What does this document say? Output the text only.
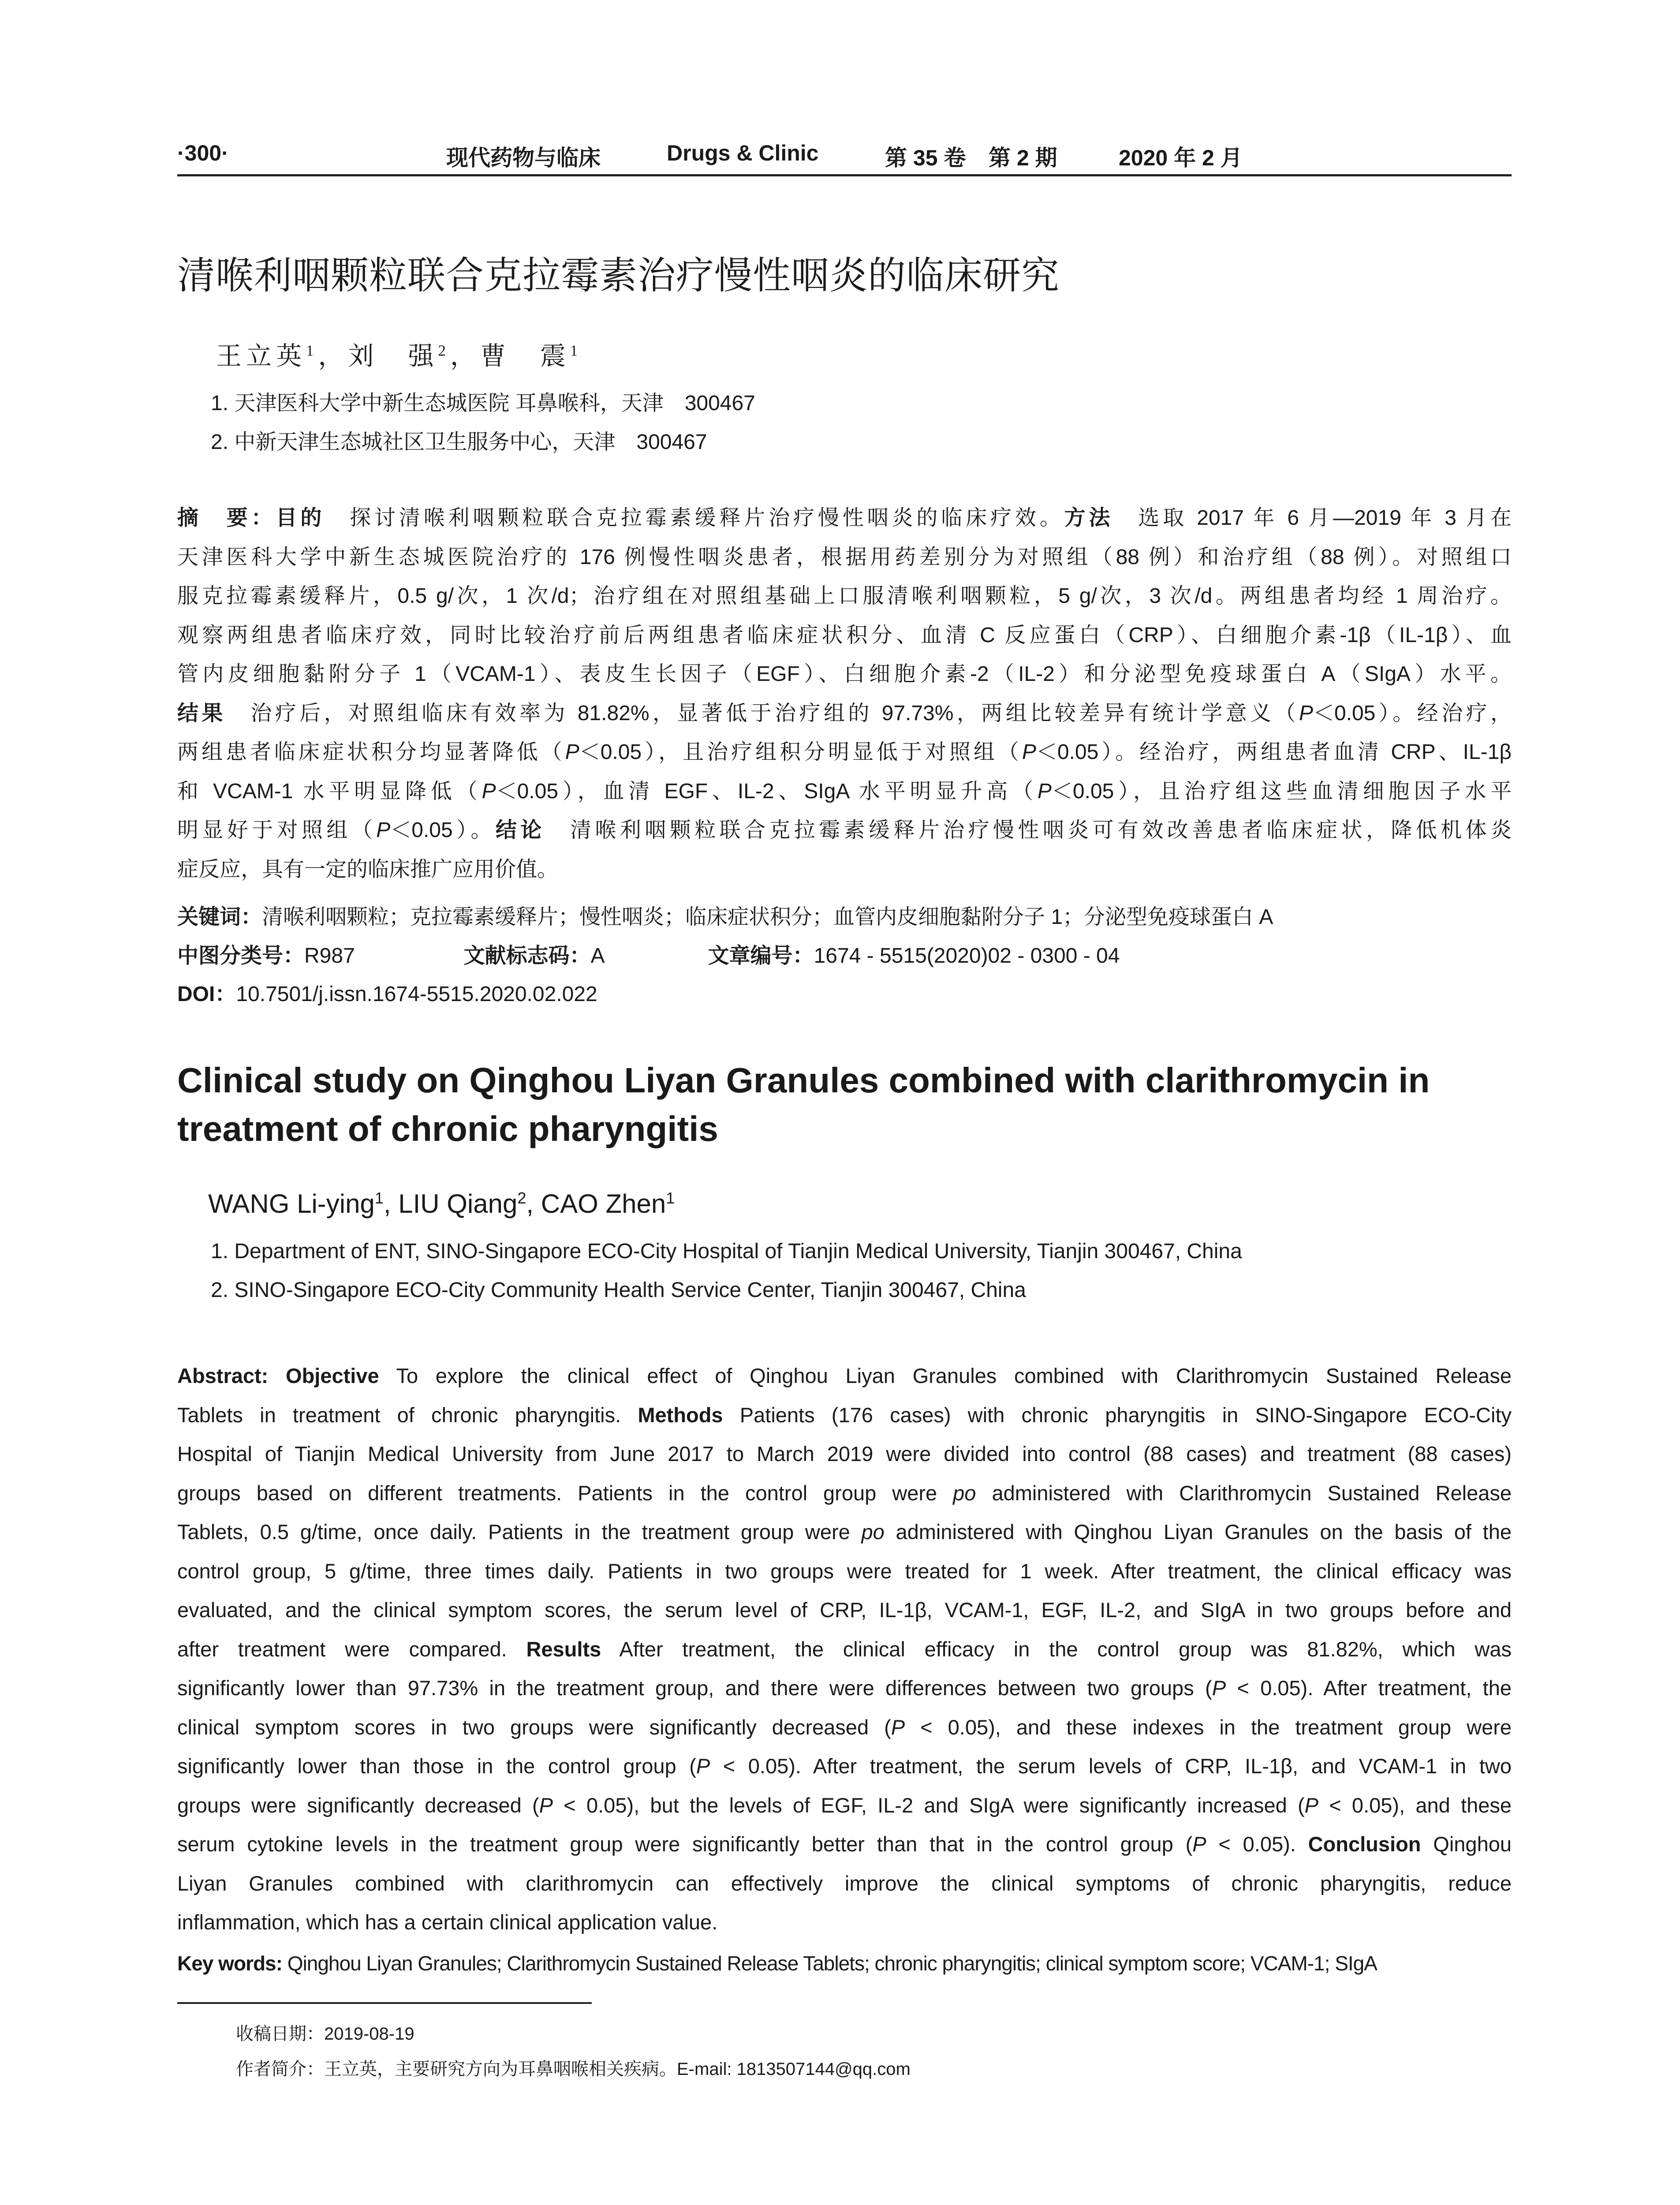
·300·	现代药物与临床	Drugs & Clinic	第 35 卷 第 2 期	2020 年 2 月
清喉利咽颗粒联合克拉霉素治疗慢性咽炎的临床研究
王立英$^1$，刘　强$^2$，曹　震$^1$
1. 天津医科大学中新生态城医院 耳鼻喉科，天津　300467
2. 中新天津生态城社区卫生服务中心，天津　300467
摘　要：目的　探讨清喉利咽颗粒联合克拉霉素缓释片治疗慢性咽炎的临床疗效。方法　选取 2017 年 6 月—2019 年 3 月在
天津医科大学中新生态城医院治疗的 176 例慢性咽炎患者，根据用药差别分为对照组（88 例）和治疗组（88 例）。对照组口
服克拉霉素缓释片，0.5 g/次，1 次/d；治疗组在对照组基础上口服清喉利咽颗粒，5 g/次，3 次/d。两组患者均经 1 周治疗。
观察两组患者临床疗效，同时比较治疗前后两组患者临床症状积分、血清 C 反应蛋白（CRP）、白细胞介素-1β（IL-1β）、血
管内皮细胞黏附分子 1（VCAM-1）、表皮生长因子（EGF）、白细胞介素-2（IL-2）和分泌型免疫球蛋白 A（SIgA）水平。
结果　治疗后，对照组临床有效率为 81.82%，显著低于治疗组的 97.73%，两组比较差异有统计学意义（P＜0.05）。经治疗，
两组患者临床症状积分均显著降低（P＜0.05），且治疗组积分明显低于对照组（P＜0.05）。经治疗，两组患者血清 CRP、IL-1β
和 VCAM-1 水平明显降低（P＜0.05），血清 EGF、IL-2、SIgA 水平明显升高（P＜0.05），且治疗组这些血清细胞因子水平
明显好于对照组（P＜0.05）。结论　清喉利咽颗粒联合克拉霉素缓释片治疗慢性咽炎可有效改善患者临床症状，降低机体炎
症反应，具有一定的临床推广应用价值。
关键词：清喉利咽颗粒；克拉霉素缓释片；慢性咽炎；临床症状积分；血管内皮细胞黏附分子 1；分泌型免疫球蛋白 A
中图分类号：R987	文献标志码：A	文章编号：1674 - 5515(2020)02 - 0300 - 04
DOI：10.7501/j.issn.1674-5515.2020.02.022
Clinical study on Qinghou Liyan Granules combined with clarithromycin in
treatment of chronic pharyngitis
WANG Li-ying$^1$, LIU Qiang$^2$, CAO Zhen$^1$
1. Department of ENT, SINO-Singapore ECO-City Hospital of Tianjin Medical University, Tianjin 300467, China
2. SINO-Singapore ECO-City Community Health Service Center, Tianjin 300467, China
Abstract: Objective To explore the clinical effect of Qinghou Liyan Granules combined with Clarithromycin Sustained Release
Tablets in treatment of chronic pharyngitis. Methods Patients (176 cases) with chronic pharyngitis in SINO-Singapore ECO-City
Hospital of Tianjin Medical University from June 2017 to March 2019 were divided into control (88 cases) and treatment (88 cases)
groups based on different treatments. Patients in the control group were po administered with Clarithromycin Sustained Release
Tablets, 0.5 g/time, once daily. Patients in the treatment group were po administered with Qinghou Liyan Granules on the basis of the
control group, 5 g/time, three times daily. Patients in two groups were treated for 1 week. After treatment, the clinical efficacy was
evaluated, and the clinical symptom scores, the serum level of CRP, IL-1β, VCAM-1, EGF, IL-2, and SIgA in two groups before and
after treatment were compared. Results After treatment, the clinical efficacy in the control group was 81.82%, which was
significantly lower than 97.73% in the treatment group, and there were differences between two groups (P < 0.05). After treatment, the
clinical symptom scores in two groups were significantly decreased (P < 0.05), and these indexes in the treatment group were
significantly lower than those in the control group (P < 0.05). After treatment, the serum levels of CRP, IL-1β, and VCAM-1 in two
groups were significantly decreased (P < 0.05), but the levels of EGF, IL-2 and SIgA were significantly increased (P < 0.05), and these
serum cytokine levels in the treatment group were significantly better than that in the control group (P < 0.05). Conclusion Qinghou
Liyan Granules combined with clarithromycin can effectively improve the clinical symptoms of chronic pharyngitis, reduce
inflammation, which has a certain clinical application value.
Key words: Qinghou Liyan Granules; Clarithromycin Sustained Release Tablets; chronic pharyngitis; clinical symptom score; VCAM-1; SIgA
收稿日期：2019-08-19
作者简介：王立英，主要研究方向为耳鼻咽喉相关疾病。E-mail: 1813507144@qq.com
